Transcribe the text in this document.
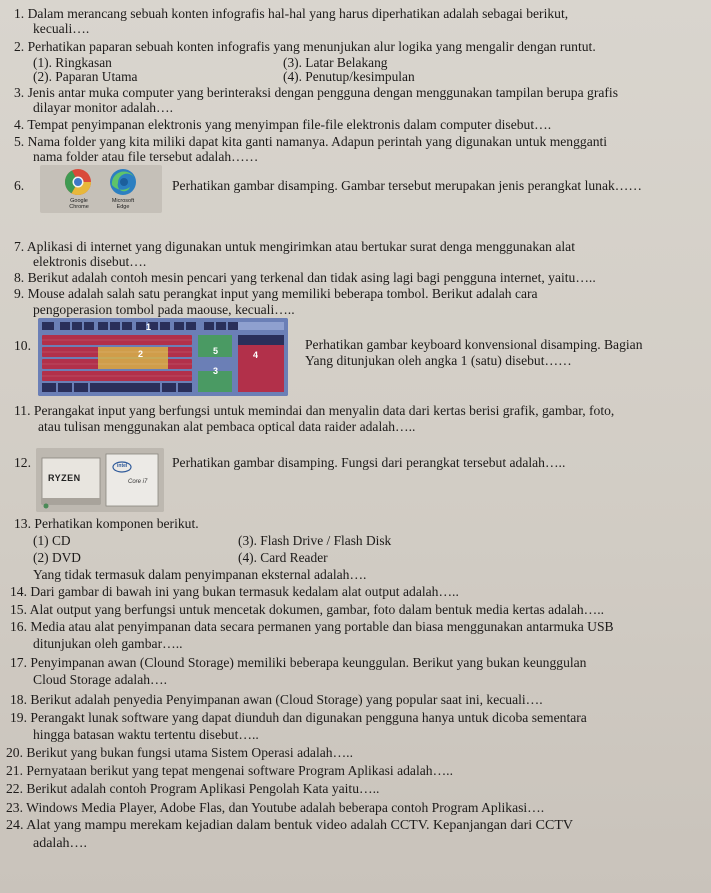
1. Dalam merancang sebuah konten infografis hal-hal yang harus diperhatikan adalah sebagai berikut,
kecuali….
2. Perhatikan paparan sebuah konten infografis yang menunjukan alur logika yang mengalir dengan runtut.
(1). Ringkasan	(3). Latar Belakang
(2). Paparan Utama	(4). Penutup/kesimpulan
3. Jenis antar muka computer yang berinteraksi dengan pengguna dengan menggunakan tampilan berupa grafis
dilayar monitor adalah….
4. Tempat penyimpanan elektronis yang menyimpan file-file elektronis dalam computer disebut….
5. Nama folder yang kita miliki dapat kita ganti namanya. Adapun perintah yang digunakan untuk mengganti
nama folder atau file tersebut adalah……
6.
Google Chrome
Microsoft Edge
Perhatikan gambar disamping. Gambar tersebut merupakan jenis perangkat lunak……
7. Aplikasi di internet yang digunakan untuk mengirimkan atau bertukar surat denga menggunakan alat
elektronis disebut….
8. Berikut adalah contoh mesin pencari yang terkenal dan tidak asing lagi bagi pengguna internet, yaitu…..
9. Mouse adalah salah satu perangkat input yang memiliki beberapa tombol. Berikut adalah cara
pengoperasion tombol pada maouse, kecuali…..
10.
1
2
3
4
5	Perhatikan gambar keyboard konvensional disamping. Bagian
Yang ditunjukan oleh angka 1 (satu) disebut……
11. Perangakat input yang berfungsi untuk memindai dan menyalin data dari kertas berisi grafik, gambar, foto,
atau tulisan menggunakan alat pembaca optical data raider adalah…..
12.
RYZEN
intel
Core i7
Perhatikan gambar disamping. Fungsi dari perangkat tersebut adalah…..
13. Perhatikan komponen berikut.
(1) CD	(3). Flash Drive / Flash Disk
(2) DVD	(4). Card Reader
Yang tidak termasuk dalam penyimpanan eksternal adalah….
14. Dari gambar di bawah ini yang bukan termasuk kedalam alat output adalah…..
15. Alat output yang berfungsi untuk mencetak dokumen, gambar, foto dalam bentuk media kertas adalah…..
16. Media atau alat penyimpanan data secara permanen yang portable dan biasa menggunakan antarmuka USB
ditunjukan oleh gambar…..
17. Penyimpanan awan (Clound Storage) memiliki beberapa keunggulan. Berikut yang bukan keunggulan
Cloud Storage adalah….
18. Berikut adalah penyedia Penyimpanan awan (Cloud Storage) yang popular saat ini, kecuali….
19. Perangakt lunak software yang dapat diunduh dan digunakan pengguna hanya untuk dicoba sementara
hingga batasan waktu tertentu disebut…..
20. Berikut yang bukan fungsi utama Sistem Operasi adalah…..
21. Pernyataan berikut yang tepat mengenai software Program Aplikasi adalah…..
22. Berikut adalah contoh Program Aplikasi Pengolah Kata yaitu…..
23. Windows Media Player, Adobe Flas, dan Youtube adalah beberapa contoh Program Aplikasi….
24. Alat yang mampu merekam kejadian dalam bentuk video adalah CCTV. Kepanjangan dari CCTV
adalah….
